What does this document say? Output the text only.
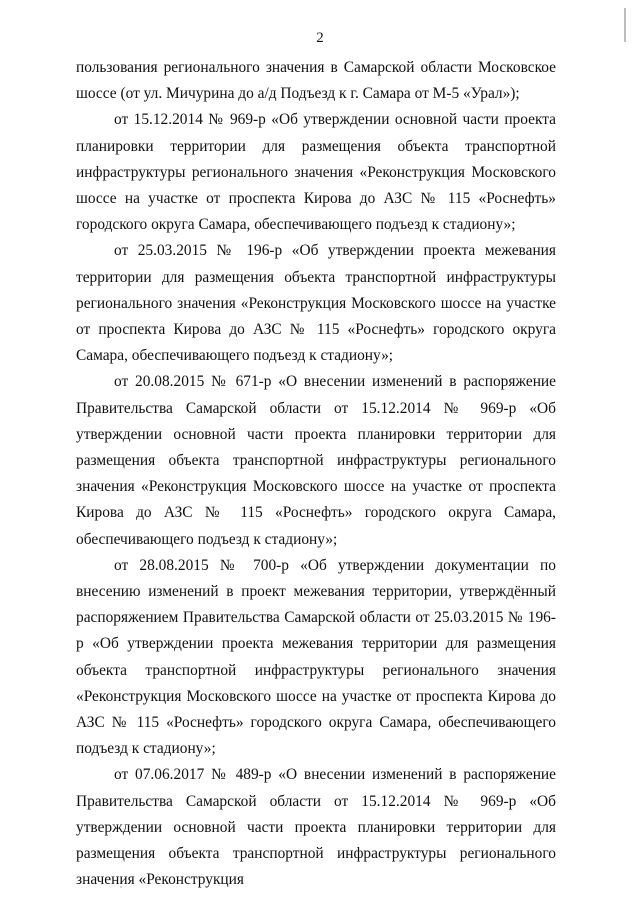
2

пользования регионального значения в Самарской области Московское шоссе (от ул. Мичурина до а/д Подъезд к г. Самара от М-5 «Урал»);

от 15.12.2014 № 969-р «Об утверждении основной части проекта планировки территории для размещения объекта транспортной инфраструктуры регионального значения «Реконструкция Московского шоссе на участке от проспекта Кирова до АЗС № 115 «Роснефть» городского округа Самара, обеспечивающего подъезд к стадиону»;

от 25.03.2015 № 196-р «Об утверждении проекта межевания территории для размещения объекта транспортной инфраструктуры регионального значения «Реконструкция Московского шоссе на участке от проспекта Кирова до АЗС № 115 «Роснефть» городского округа Самара, обеспечивающего подъезд к стадиону»;

от 20.08.2015 № 671-р «О внесении изменений в распоряжение Правительства Самарской области от 15.12.2014 № 969-р «Об утверждении основной части проекта планировки территории для размещения объекта транспортной инфраструктуры регионального значения «Реконструкция Московского шоссе на участке от проспекта Кирова до АЗС № 115 «Роснефть» городского округа Самара, обеспечивающего подъезд к стадиону»;

от 28.08.2015 № 700-р «Об утверждении документации по внесению изменений в проект межевания территории, утверждённый распоряжением Правительства Самарской области от 25.03.2015 № 196-р «Об утверждении проекта межевания территории для размещения объекта транспортной инфраструктуры регионального значения «Реконструкция Московского шоссе на участке от проспекта Кирова до АЗС № 115 «Роснефть» городского округа Самара, обеспечивающего подъезд к стадиону»;

от 07.06.2017 № 489-р «О внесении изменений в распоряжение Правительства Самарской области от 15.12.2014 № 969-р «Об утверждении основной части проекта планировки территории для размещения объекта транспортной инфраструктуры регионального значения «Реконструкция
